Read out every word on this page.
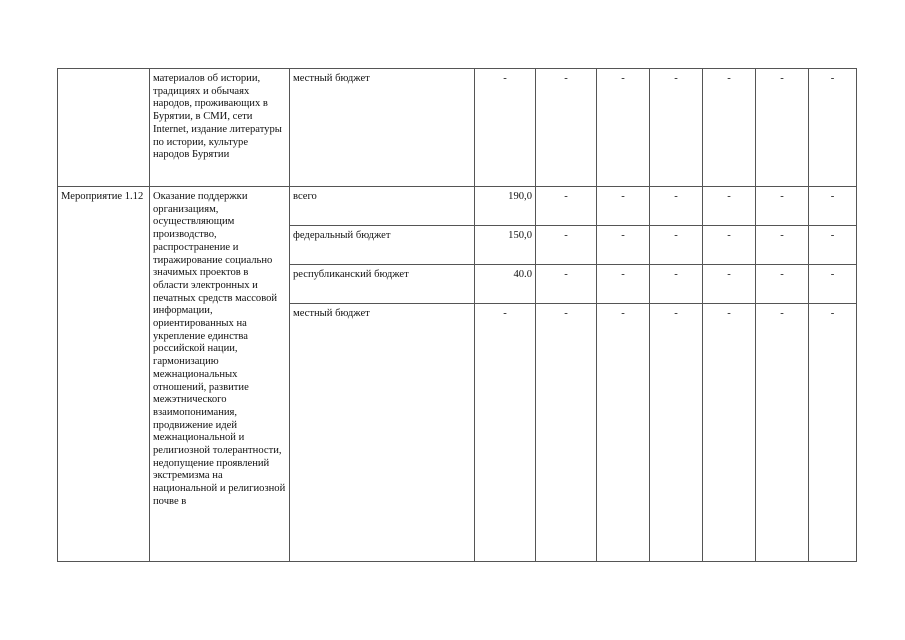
	материалов об истории, традициях и обычаях народов, проживающих в Бурятии, в СМИ, сети Internet, издание литературы по истории, культуре народов Бурятии	местный бюджет	-	-	-	-	-	-	-
Мероприятие 1.12	Оказание поддержки организациям, осуществляющим производство, распространение и тиражирование социально значимых проектов в области электронных и печатных средств массовой информации, ориентированных на укрепление единства российской нации, гармонизацию межнациональных отношений, развитие межэтнического взаимопонимания, продвижение идей межнациональной и религиозной толерантности, недопущение проявлений экстремизма на национальной и религиозной почве в	всего	190,0	-	-	-	-	-	-
		федеральный бюджет	150,0	-	-	-	-	-	-
		республиканский бюджет	40.0	-	-	-	-	-	-
		местный бюджет	-	-	-	-	-	-	-
